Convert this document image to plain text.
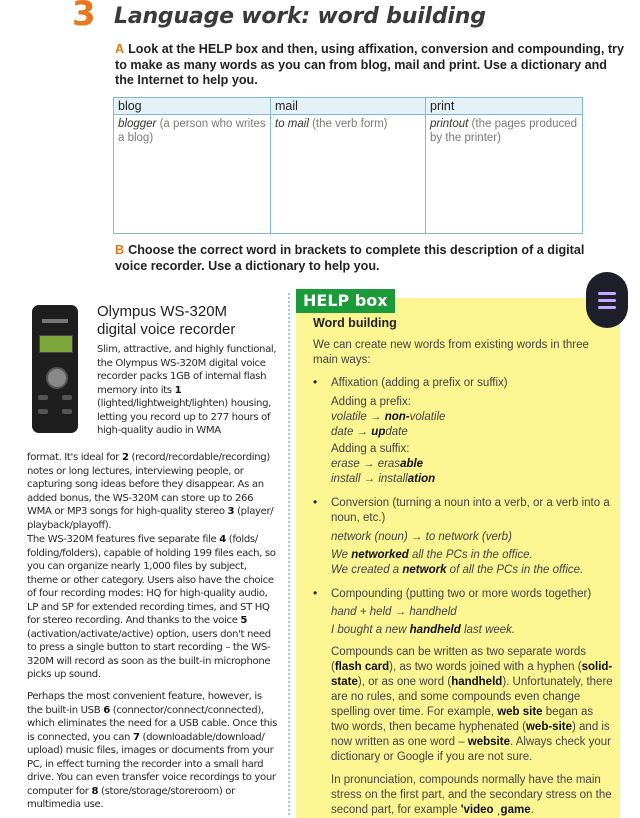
3 Language work: word building
A Look at the HELP box and then, using affixation, conversion and compounding, try to make as many words as you can from blog, mail and print. Use a dictionary and the Internet to help you.
blog
blogger (a person who writes a blog)
mail
to mail (the verb form)
print
printout (the pages produced by the printer)
B Choose the correct word in brackets to complete this description of a digital voice recorder. Use a dictionary to help you.
Olympus WS-320M
digital voice recorder
Slim, attractive, and highly functional, the Olympus WS-320M digital voice recorder packs 1GB of internal flash memory into its 1 (lighted/lightweight/lighten) housing, letting you record up to 277 hours of high-quality audio in WMA
format. It's ideal for 2 (record/recordable/recording) notes or long lectures, interviewing people, or capturing song ideas before they disappear. As an added bonus, the WS-320M can store up to 266 WMA or MP3 songs for high-quality stereo 3 (player/ playback/playoff).
The WS-320M features five separate file 4 (folds/ folding/folders), capable of holding 199 files each, so you can organize nearly 1,000 files by subject, theme or other category. Users also have the choice of four recording modes: HQ for high-quality audio, LP and SP for extended recording times, and ST HQ for stereo recording. And thanks to the voice 5 (activation/activate/active) option, users don't need to press a single button to start recording – the WS-320M will record as soon as the built-in microphone picks up sound.
Perhaps the most convenient feature, however, is the built-in USB 6 (connector/connect/connected), which eliminates the need for a USB cable. Once this is connected, you can 7 (downloadable/download/ upload) music files, images or documents from your PC, in effect turning the recorder into a small hard drive. You can even transfer voice recordings to your computer for 8 (store/storage/storeroom) or multimedia use.
HELP box
Word building
We can create new words from existing words in three main ways:
• Affixation (adding a prefix or suffix)
Adding a prefix:
volatile → non-volatile
date → update
Adding a suffix:
erase → erasable
install → installation
• Conversion (turning a noun into a verb, or a verb into a noun, etc.)
network (noun) → to network (verb)
We networked all the PCs in the office.
We created a network of all the PCs in the office.
• Compounding (putting two or more words together)
hand + held → handheld
I bought a new handheld last week.
Compounds can be written as two separate words (flash card), as two words joined with a hyphen (solid-state), or as one word (handheld). Unfortunately, there are no rules, and some compounds even change spelling over time. For example, web site began as two words, then became hyphenated (web-site) and is now written as one word – website. Always check your dictionary or Google if you are not sure.
In pronunciation, compounds normally have the main stress on the first part, and the secondary stress on the second part, for example 'video ˌgame.
